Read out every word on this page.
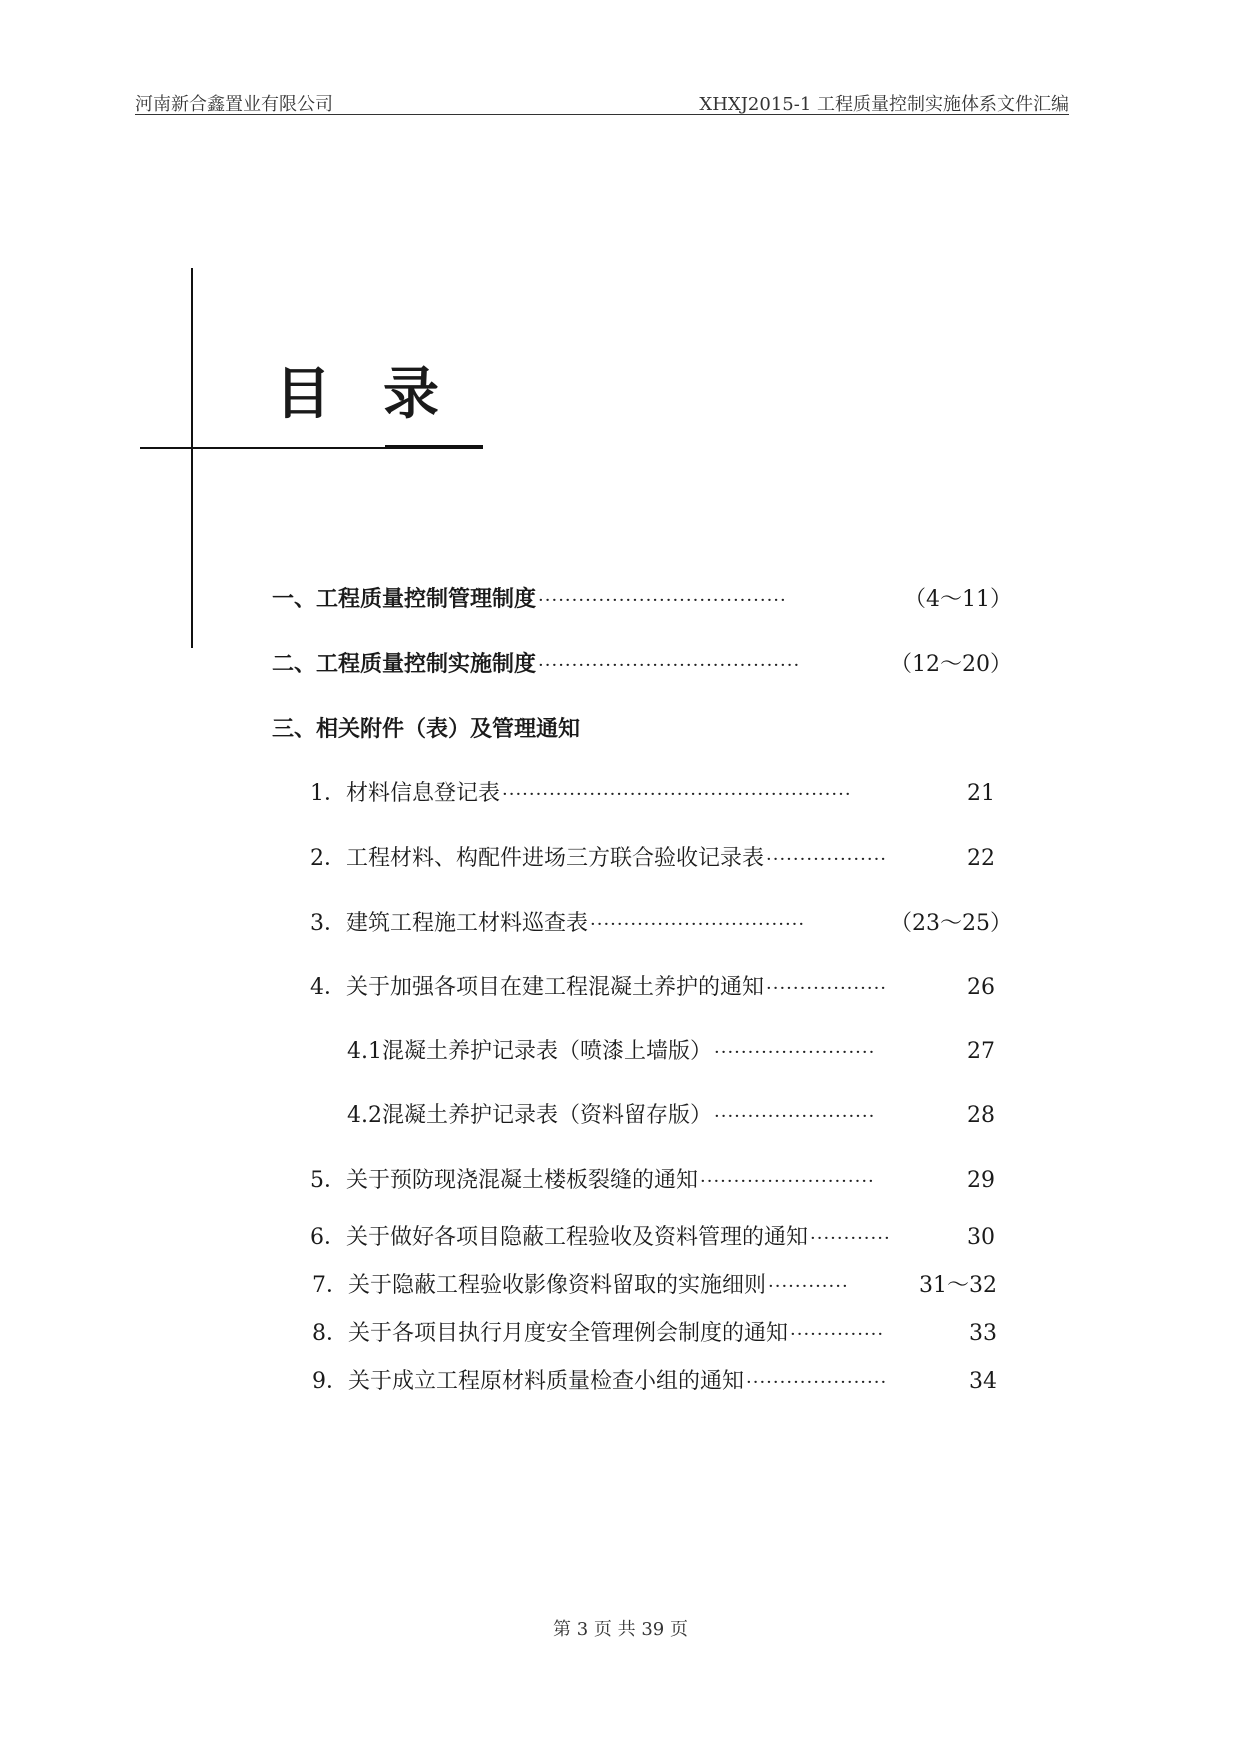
河南新合鑫置业有限公司	XHXJ2015-1 工程质量控制实施体系文件汇编
目录
一、 工程质量控制管理制度 ·····································	（4～11）
二、 工程质量控制实施制度 ·······································	（12～20）
三、 相关附件（表）及管理通知
1． 材料信息登记表 ····················································	21
2． 工程材料、构配件进场三方联合验收记录表 ··················	22
3． 建筑工程施工材料巡查表 ································	（23～25）
4． 关于加强各项目在建工程混凝土养护的通知 ··················	26
4.1 混凝土养护记录表（喷漆上墙版） ························	27
4.2 混凝土养护记录表（资料留存版） ························	28
5． 关于预防现浇混凝土楼板裂缝的通知 ··························	29
6． 关于做好各项目隐蔽工程验收及资料管理的通知 ············	30
7． 关于隐蔽工程验收影像资料留取的实施细则 ············	31～32
8． 关于各项目执行月度安全管理例会制度的通知 ··············	33
9． 关于成立工程原材料质量检查小组的通知 ·····················	34
第 3 页 共 39 页
